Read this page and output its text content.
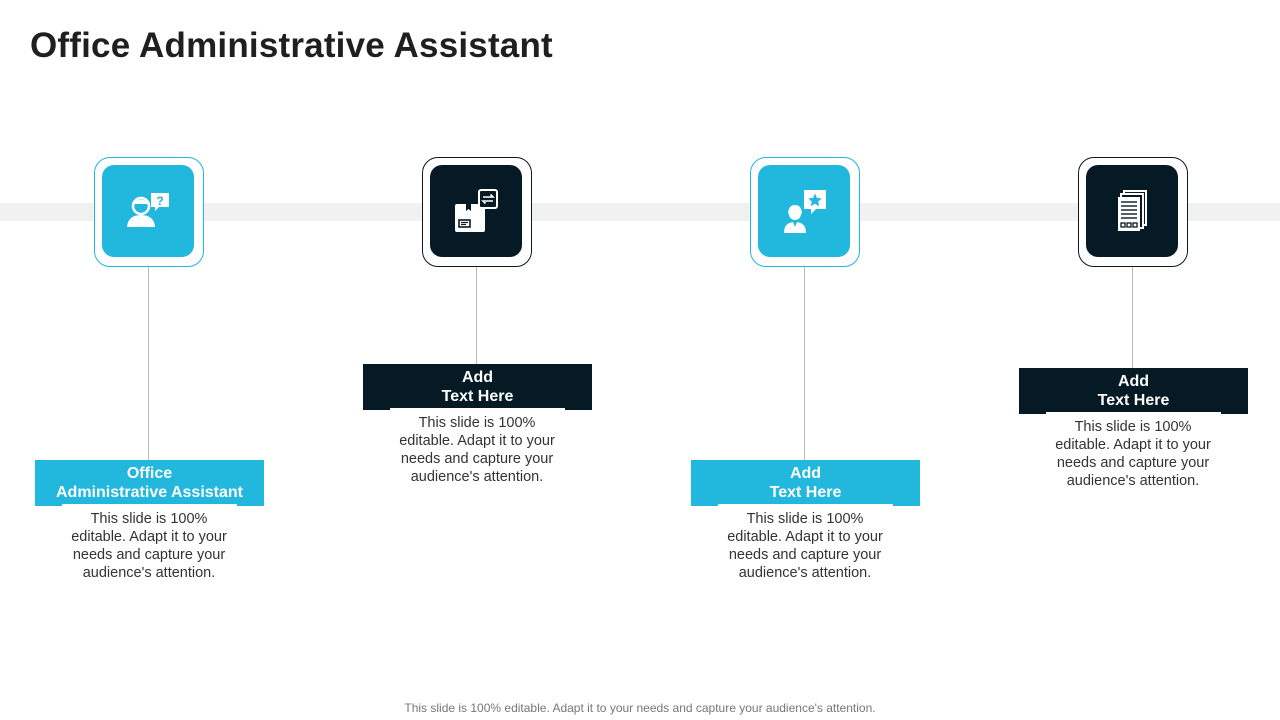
Office Administrative Assistant
?
Office
Administrative Assistant
This slide is 100% editable. Adapt it to your needs and capture your audience's attention.
Add
Text Here
This slide is 100% editable. Adapt it to your needs and capture your audience's attention.	Add
Text Here
This slide is 100% editable. Adapt it to your needs and capture your audience's attention.
Add
Text Here
This slide is 100% editable. Adapt it to your needs and capture your audience's attention.
This slide is 100% editable. Adapt it to your needs and capture your audience's attention.
